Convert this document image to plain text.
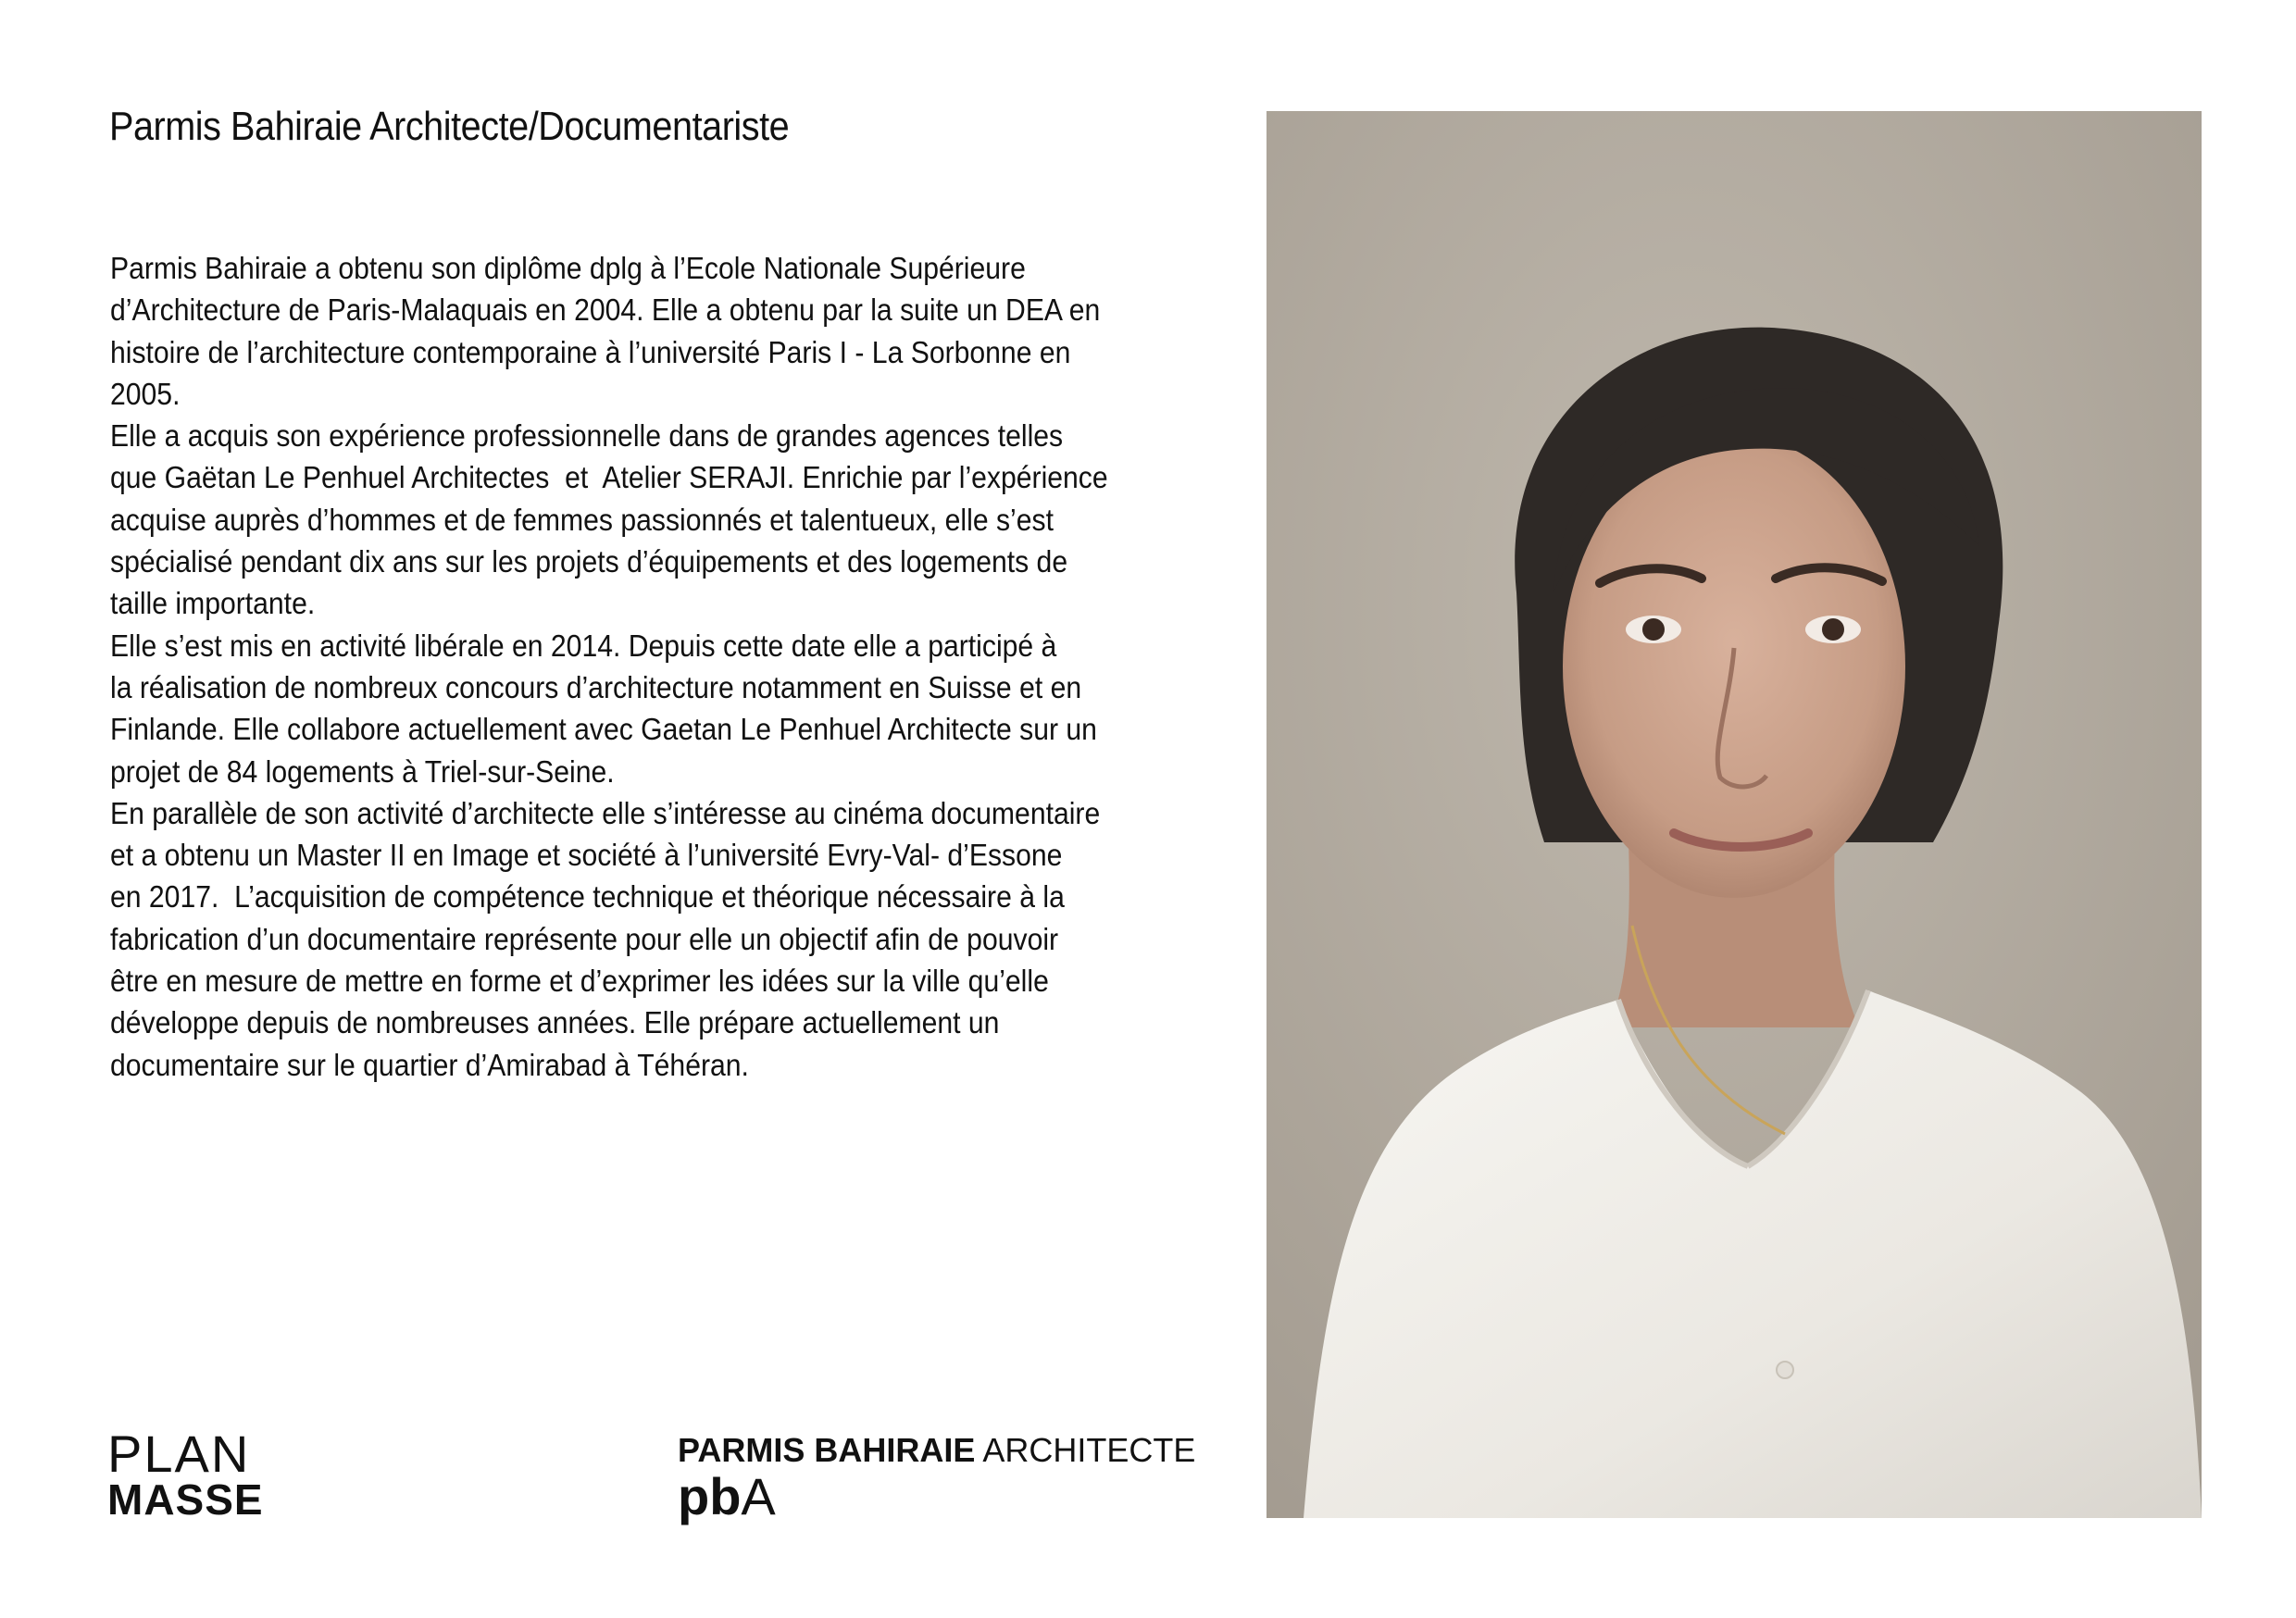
Parmis Bahiraie Architecte/Documentariste

Parmis Bahiraie a obtenu son diplôme dplg à l’Ecole Nationale Supérieure

d’Architecture de Paris-Malaquais en 2004. Elle a obtenu par la suite un DEA en

histoire de l’architecture contemporaine à l’université Paris I - La Sorbonne en

2005.

Elle a acquis son expérience professionnelle dans de grandes agences telles

que Gaëtan Le Penhuel Architectes  et  Atelier SERAJI. Enrichie par l’expérience

acquise auprès d’hommes et de femmes passionnés et talentueux, elle s’est

spécialisé pendant dix ans sur les projets d’équipements et des logements de

taille importante.

Elle s’est mis en activité libérale en 2014. Depuis cette date elle a participé à

la réalisation de nombreux concours d’architecture notamment en Suisse et en

Finlande. Elle collabore actuellement avec Gaetan Le Penhuel Architecte sur un

projet de 84 logements à Triel-sur-Seine.

En parallèle de son activité d’architecte elle s’intéresse au cinéma documentaire

et a obtenu un Master II en Image et société à l’université Evry-Val- d’Essone

en 2017.  L’acquisition de compétence technique et théorique nécessaire à la

fabrication d’un documentaire représente pour elle un objectif afin de pouvoir

être en mesure de mettre en forme et d’exprimer les idées sur la ville qu’elle

développe depuis de nombreuses années. Elle prépare actuellement un

documentaire sur le quartier d’Amirabad à Téhéran.

PLAN
MASSE
PARMIS BAHIRAIE ARCHITECTE
pbA
